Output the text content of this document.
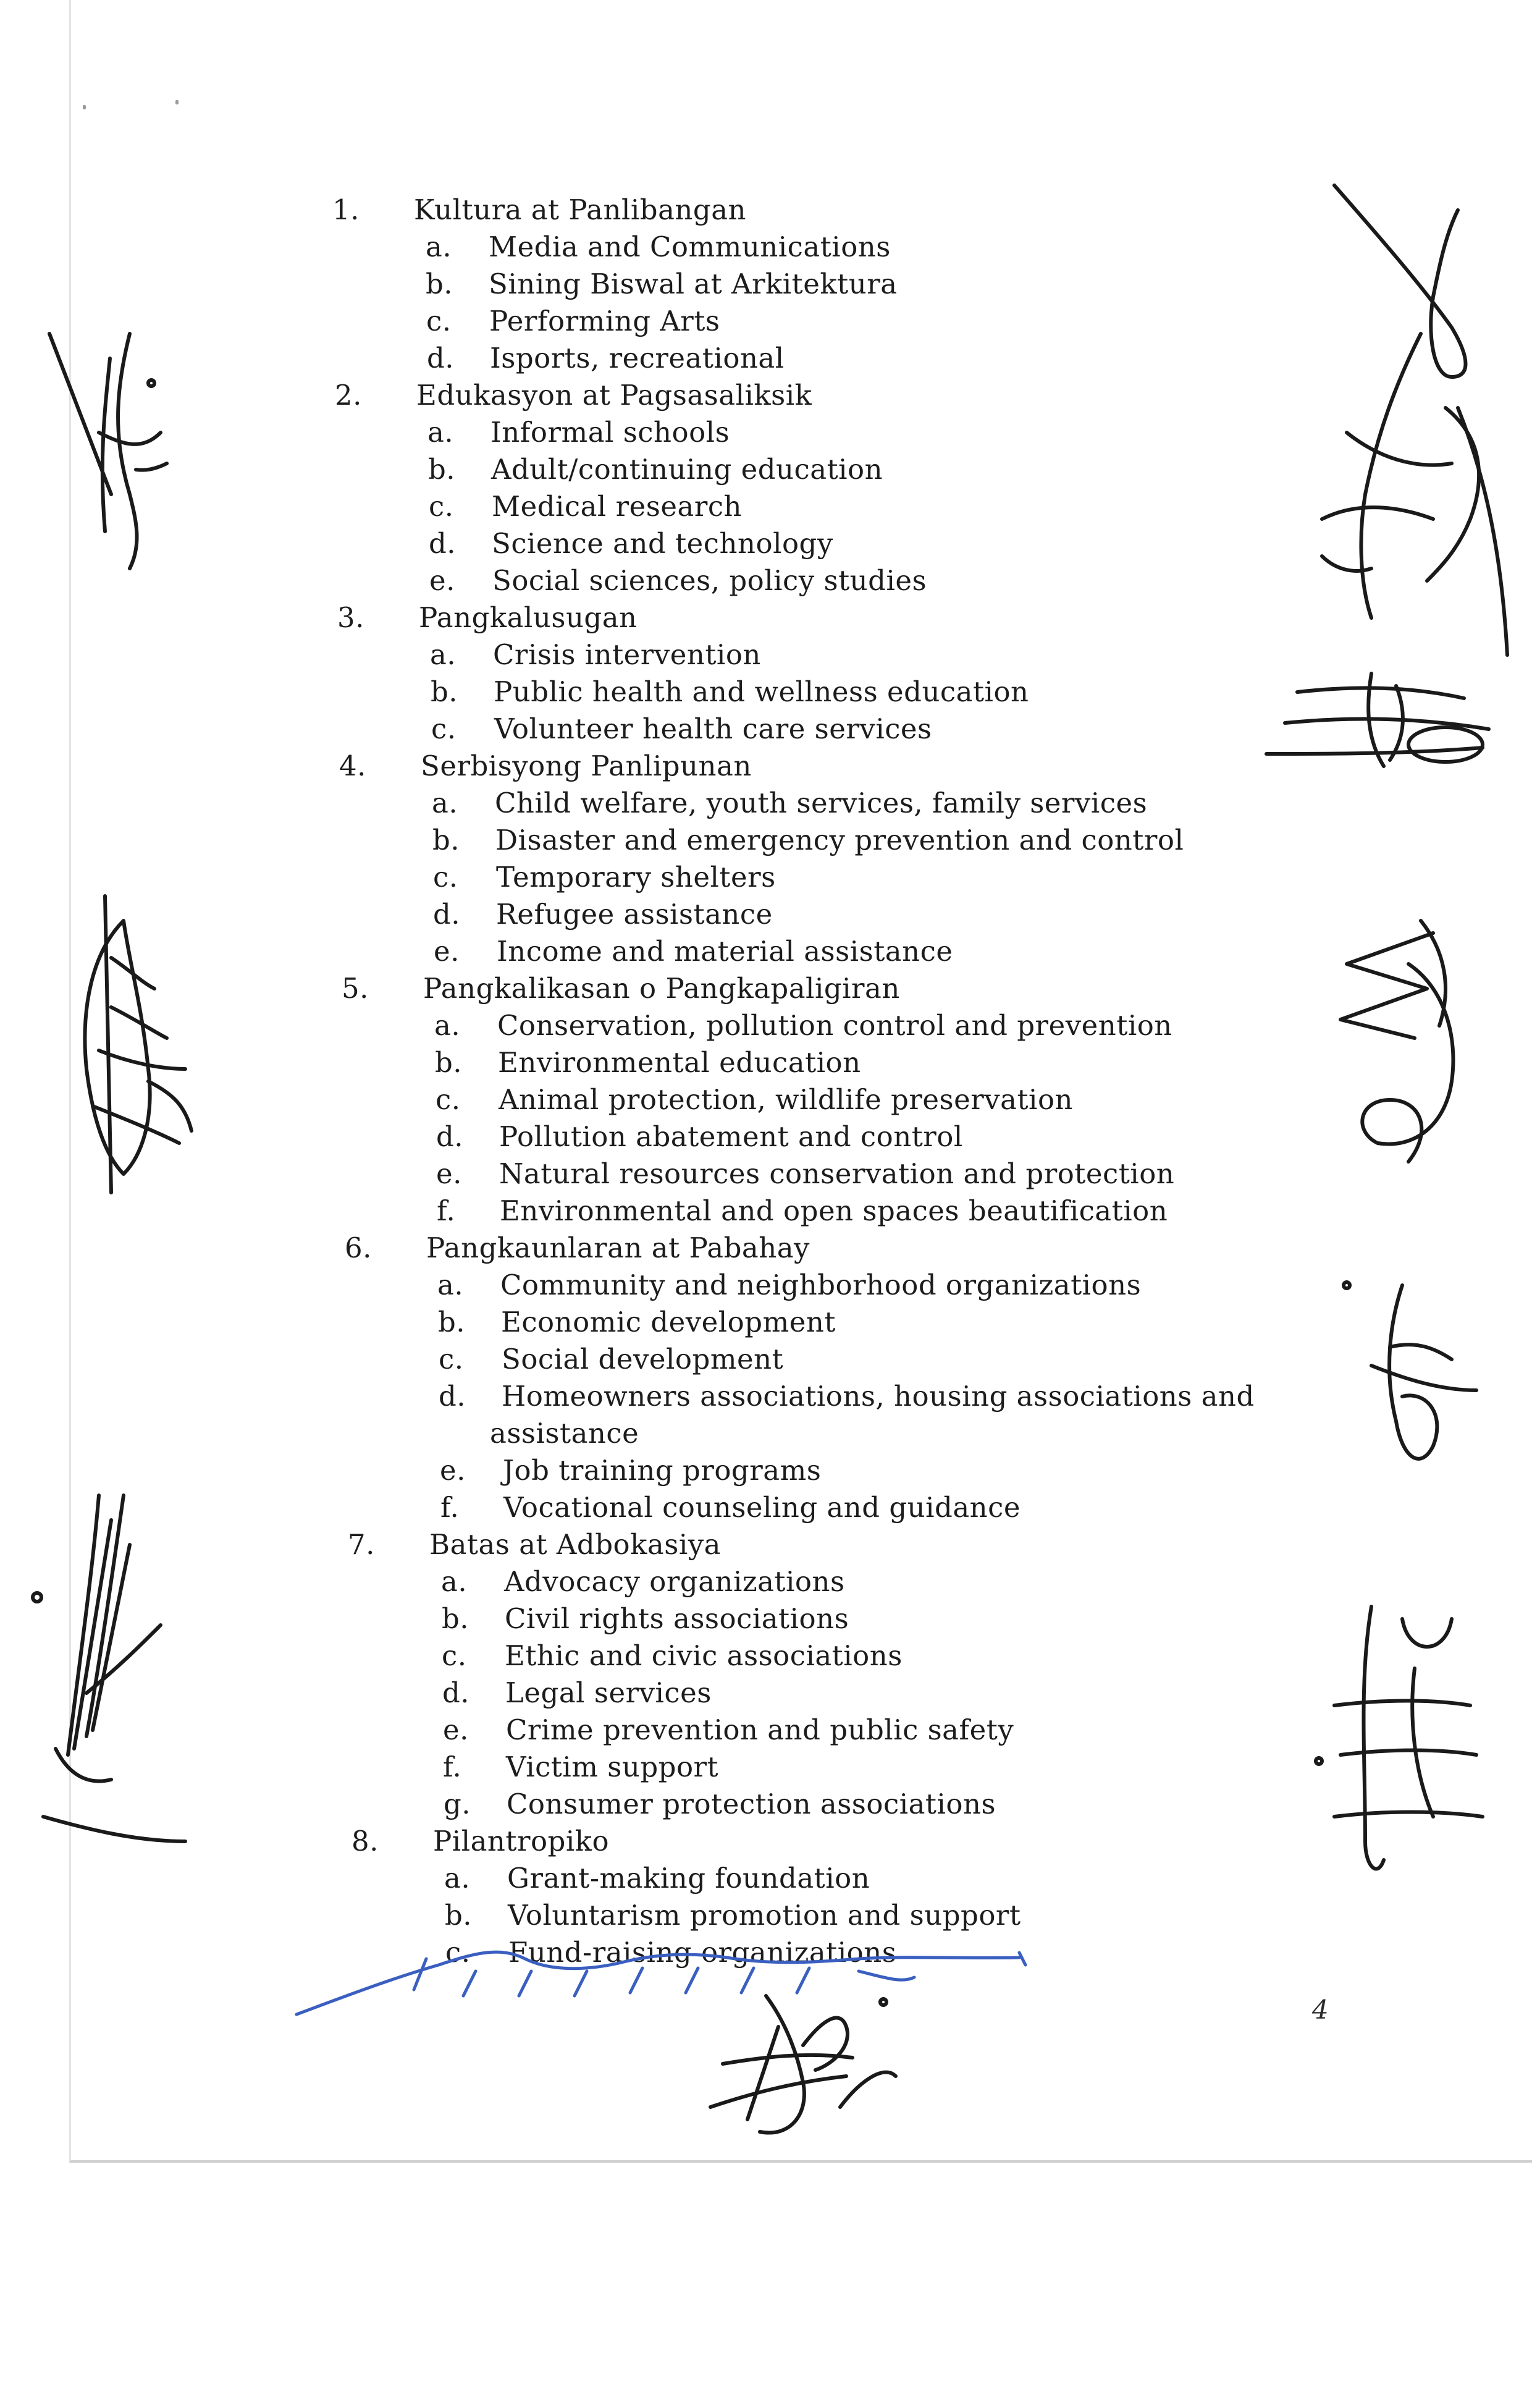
1. Kultura at Panlibangan
a. Media and Communications
b. Sining Biswal at Arkitektura
c. Performing Arts
d. Isports, recreational
2. Edukasyon at Pagsasaliksik
a. Informal schools
b. Adult/continuing education
c. Medical research
d. Science and technology
e. Social sciences, policy studies
3. Pangkalusugan
a. Crisis intervention
b. Public health and wellness education
c. Volunteer health care services
4. Serbisyong Panlipunan
a. Child welfare, youth services, family services
b. Disaster and emergency prevention and control
c. Temporary shelters
d. Refugee assistance
e. Income and material assistance
5. Pangkalikasan o Pangkapaligiran
a. Conservation, pollution control and prevention
b. Environmental education
c. Animal protection, wildlife preservation
d. Pollution abatement and control
e. Natural resources conservation and protection
f. Environmental and open spaces beautification
6. Pangkaunlaran at Pabahay
a. Community and neighborhood organizations
b. Economic development
c. Social development
d. Homeowners associations, housing associations and
assistance
e. Job training programs
f. Vocational counseling and guidance
7. Batas at Adbokasiya
a. Advocacy organizations
b. Civil rights associations
c. Ethic and civic associations
d. Legal services
e. Crime prevention and public safety
f. Victim support
g. Consumer protection associations
8. Pilantropiko
a. Grant-making foundation
b. Voluntarism promotion and support
c. Fund-raising organizations
4
